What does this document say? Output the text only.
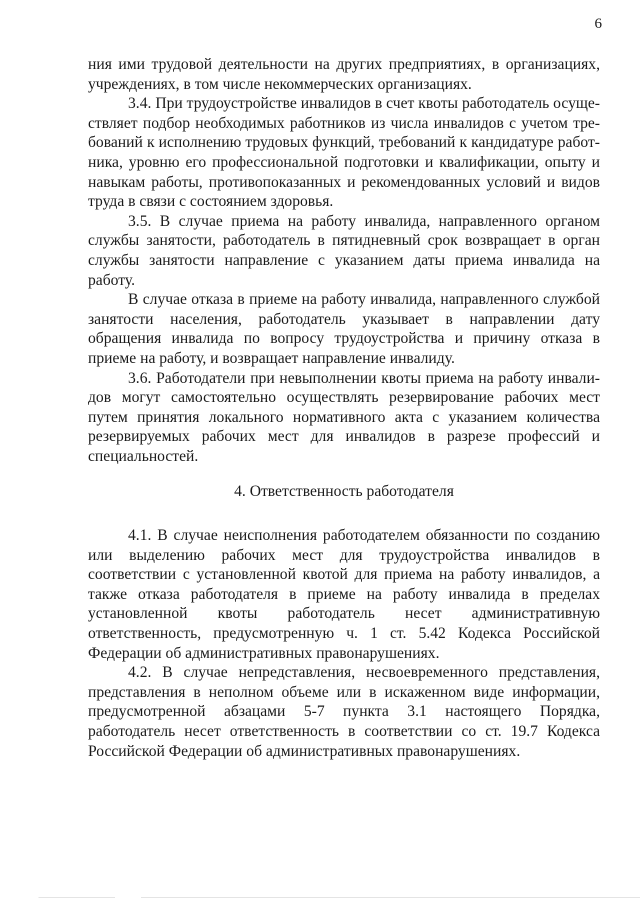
6

ния ими трудовой деятельности на других предприятиях, в организациях, учреждениях, в том числе некоммерческих организациях.

3.4. При трудоустройстве инвалидов в счет квоты работодатель осуществляет подбор необходимых работников из числа инвалидов с учетом требований к исполнению трудовых функций, требований к кандидатуре работника, уровню его профессиональной подготовки и квалификации, опыту и навыкам работы, противопоказанных и рекомендованных условий и видов труда в связи с состоянием здоровья.

3.5. В случае приема на работу инвалида, направленного органом службы занятости, работодатель в пятидневный срок возвращает в орган службы занятости направление с указанием даты приема инвалида на работу.

В случае отказа в приеме на работу инвалида, направленного службой занятости населения, работодатель указывает в направлении дату обращения инвалида по вопросу трудоустройства и причину отказа в приеме на работу, и возвращает направление инвалиду.

3.6. Работодатели при невыполнении квоты приема на работу инвалидов могут самостоятельно осуществлять резервирование рабочих мест путем принятия локального нормативного акта с указанием количества резервируемых рабочих мест для инвалидов в разрезе профессий и специальностей.

4. Ответственность работодателя

4.1. В случае неисполнения работодателем обязанности по созданию или выделению рабочих мест для трудоустройства инвалидов в соответствии с установленной квотой для приема на работу инвалидов, а также отказа работодателя в приеме на работу инвалида в пределах установленной квоты работодатель несет административную ответственность, предусмотренную ч. 1 ст. 5.42 Кодекса Российской Федерации об административных правонарушениях.

4.2. В случае непредставления, несвоевременного представления, представления в неполном объеме или в искаженном виде информации, предусмотренной абзацами 5-7 пункта 3.1 настоящего Порядка, работодатель несет ответственность в соответствии со ст. 19.7 Кодекса Российской Федерации об административных правонарушениях.
